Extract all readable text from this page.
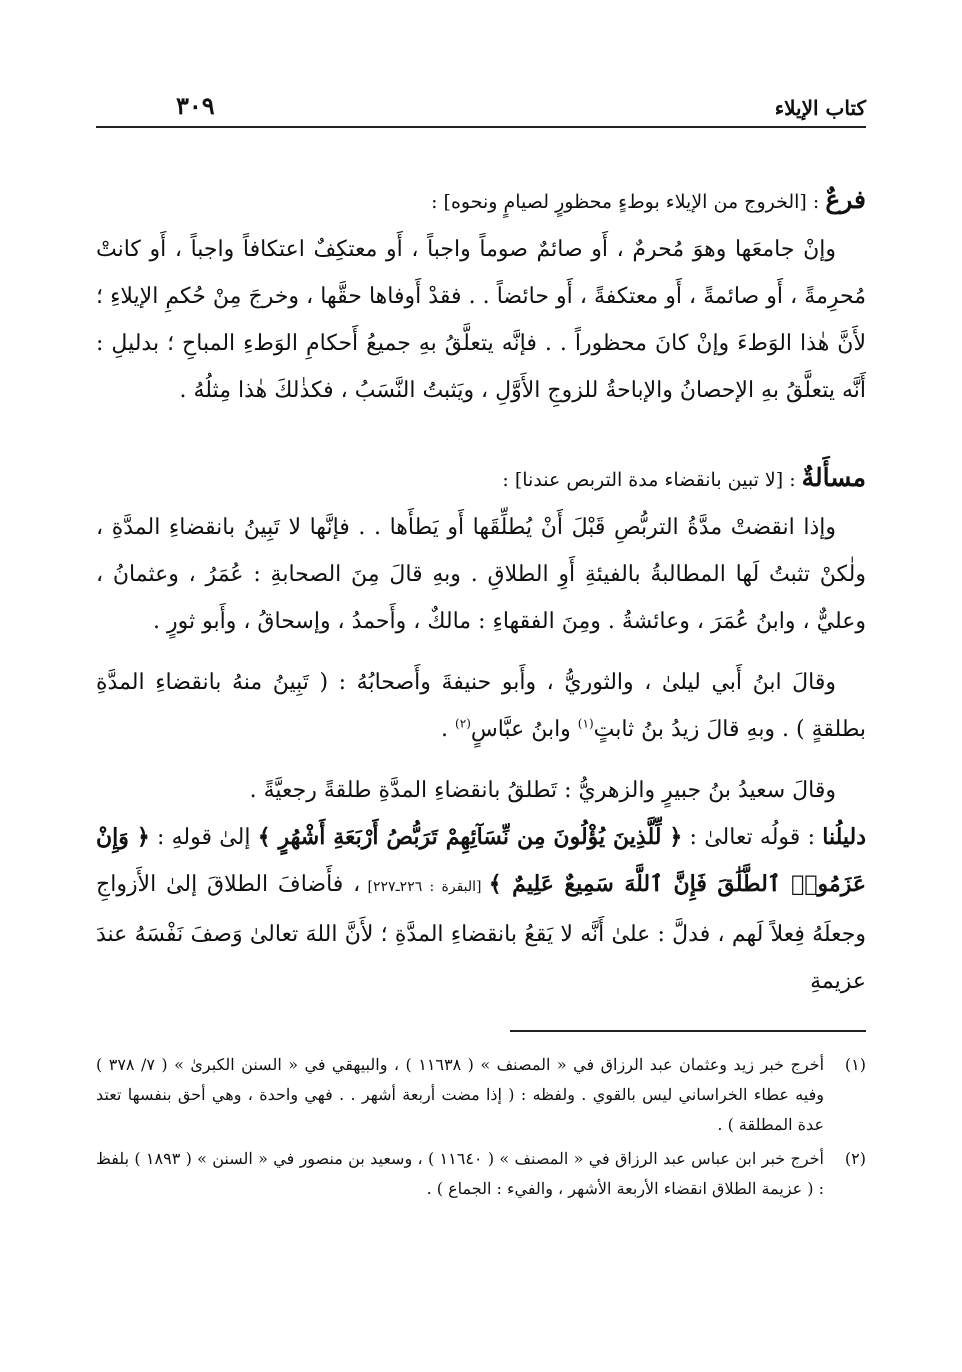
كتاب الإيلاء
٣٠٩

فرعٌ : [الخروج من الإيلاء بوطءٍ محظورٍ لصيامٍ ونحوه] :

وإنْ جامعَها وهوَ مُحرمٌ ، أَو صائمٌ صوماً واجباً ، أَو معتكِفٌ اعتكافاً واجباً ، أَو كانتْ مُحرِمةً ، أَو صائمةً ، أَو معتكفةً ، أَو حائضاً . . فقدْ أَوفاها حقَّها ، وخرجَ مِنْ حُكمِ الإيلاءِ ؛ لأَنَّ هٰذا الوَطءَ وإنْ كانَ محظوراً . . فإنَّه يتعلَّقُ بهِ جميعُ أَحكامِ الوَطءِ المباحِ ؛ بدليلِ : أَنَّه يتعلَّقُ بهِ الإحصانُ والإباحةُ للزوجِ الأَوَّلِ ، ويَثبتُ النَّسَبُ ، فكذٰلكَ هٰذا مِثلُهُ .

مسأَلةٌ : [لا تبين بانقضاء مدة التربص عندنا] :

وإذا انقضتْ مدَّةُ التربُّصِ قَبْلَ أَنْ يُطلِّقَها أَو يَطأَها . . فإنَّها لا تَبِينُ بانقضاءِ المدَّةِ ، ولٰكنْ تثبتُ لَها المطالبةُ بالفيئةِ أَوِ الطلاقِ . وبهِ قالَ مِنَ الصحابةِ : عُمَرُ ، وعثمانُ ، وعليٌّ ، وابنُ عُمَرَ ، وعائشةُ . ومِنَ الفقهاءِ : مالكٌ ، وأَحمدُ ، وإسحاقُ ، وأَبو ثورٍ .

وقالَ ابنُ أَبي ليلىٰ ، والثوريُّ ، وأَبو حنيفةَ وأَصحابُهُ : ( تَبِينُ منهُ بانقضاءِ المدَّةِ بطلقةٍ ) . وبهِ قالَ زيدُ بنُ ثابتٍ$^{(١)}$ وابنُ عبَّاسٍ$^{(٢)}$ .

وقالَ سعيدُ بنُ جبيرٍ والزهريُّ : تَطلقُ بانقضاءِ المدَّةِ طلقةً رجعيَّةً .

دليلُنا : قولُه تعالىٰ : ﴿ لِّلَّذِينَ يُؤْلُونَ مِن نِّسَآئِهِمْ تَرَبُّصُ أَرْبَعَةِ أَشْهُرٍ ﴾ إلىٰ قولهِ : ﴿ وَإِنْ عَزَمُوا۟ ٱلطَّلَٰقَ فَإِنَّ ٱللَّهَ سَمِيعٌ عَلِيمٌ ﴾ [البقرة : ٢٢٦ـ٢٢٧] ، فأَضافَ الطلاقَ إلىٰ الأَزواجِ وجعلَهُ فِعلاً لَهم ، فدلَّ : علىٰ أَنَّه لا يَقعُ بانقضاءِ المدَّةِ ؛ لأَنَّ اللهَ تعالىٰ وَصفَ نَفْسَهُ عندَ عزيمةِ

(١)
أخرج خبر زيد وعثمان عبد الرزاق في « المصنف » ( ١١٦٣٨ ) ، والبيهقي في « السنن الكبرىٰ » ( ٧/ ٣٧٨ ) وفيه عطاء الخراساني ليس بالقوي . ولفظه : ( إذا مضت أربعة أشهر . . فهي واحدة ، وهي أحق بنفسها تعتد عدة المطلقة ) .
(٢)
أخرج خبر ابن عباس عبد الرزاق في « المصنف » ( ١١٦٤٠ ) ، وسعيد بن منصور في « السنن » ( ١٨٩٣ ) بلفظ : ( عزيمة الطلاق انقضاء الأربعة الأشهر ، والفيء : الجماع ) .
